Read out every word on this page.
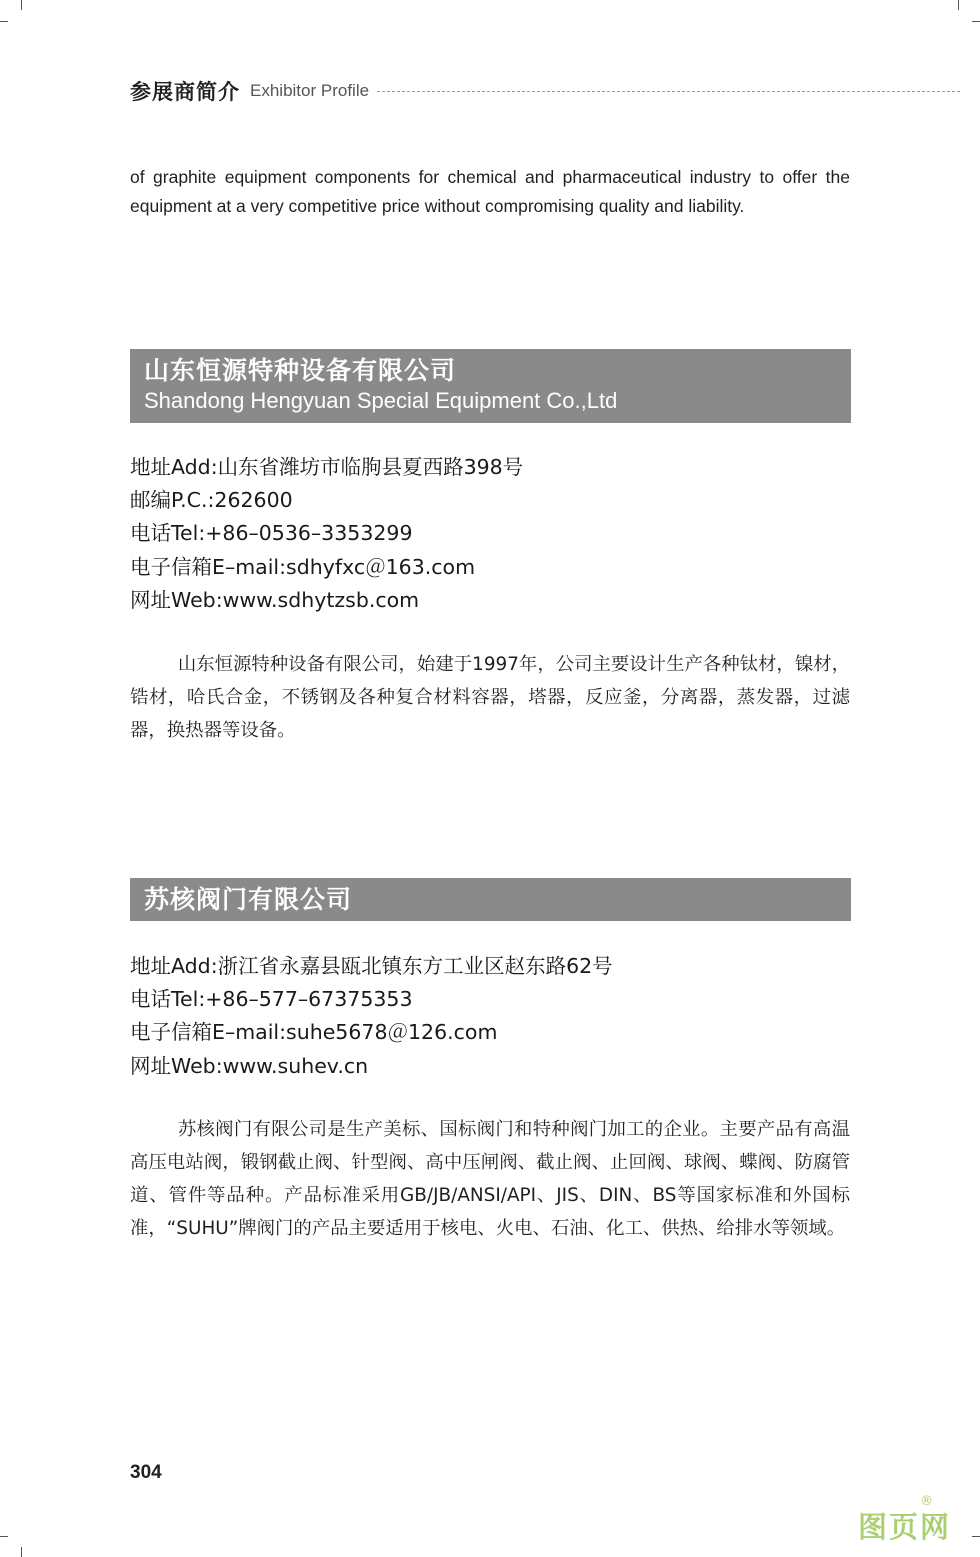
参展商简介 Exhibitor Profile

of graphite equipment components for chemical and pharmaceutical industry to offer the equipment at a very competitive price without compromising quality and liability.

山东恒源特种设备有限公司
Shandong Hengyuan Special Equipment Co.,Ltd
地址Add:山东省潍坊市临朐县夏西路398号
邮编P.C.:262600
电话Tel:+86–0536–3353299
电子信箱E–mail:sdhyfxc＠163.com
网址Web:www.sdhytzsb.com

山东恒源特种设备有限公司，始建于1997年，公司主要设计生产各种钛材，镍材，锆材，哈氏合金，不锈钢及各种复合材料容器，塔器，反应釜，分离器，蒸发器，过滤器，换热器等设备。

苏核阀门有限公司
地址Add:浙江省永嘉县瓯北镇东方工业区赵东路62号
电话Tel:+86–577–67375353
电子信箱E–mail:suhe5678＠126.com
网址Web:www.suhev.cn

苏核阀门有限公司是生产美标、国标阀门和特种阀门加工的企业。主要产品有高温高压电站阀，锻钢截止阀、针型阀、高中压闸阀、截止阀、止回阀、球阀、蝶阀、防腐管道、管件等品种。产品标准采用GB/JB/ANSI/API、JIS、DIN、BS等国家标准和外国标准，“SUHU”牌阀门的产品主要适用于核电、火电、石油、化工、供热、给排水等领域。

304
图页网
®
